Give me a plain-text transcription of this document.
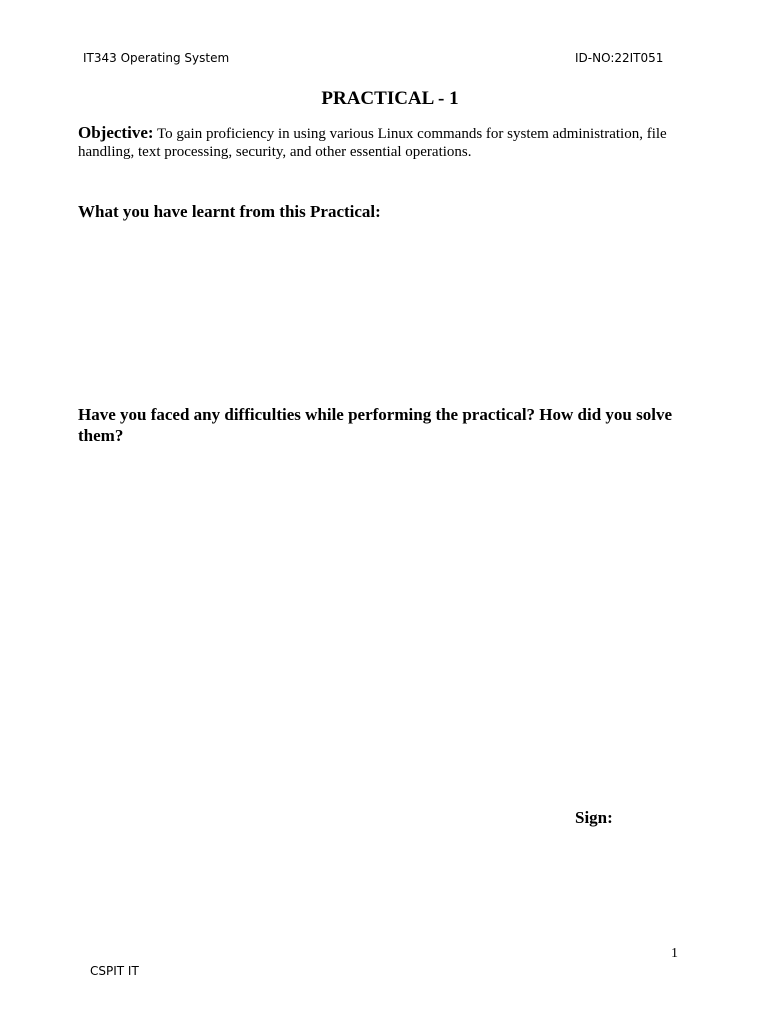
IT343 Operating System	ID-NO:22IT051
PRACTICAL - 1
Objective: To gain proficiency in using various Linux commands for system administration, file handling, text processing, security, and other essential operations.
What you have learnt from this Practical:
Have you faced any difficulties while performing the practical? How did you solve them?
Sign:
1
CSPIT IT
